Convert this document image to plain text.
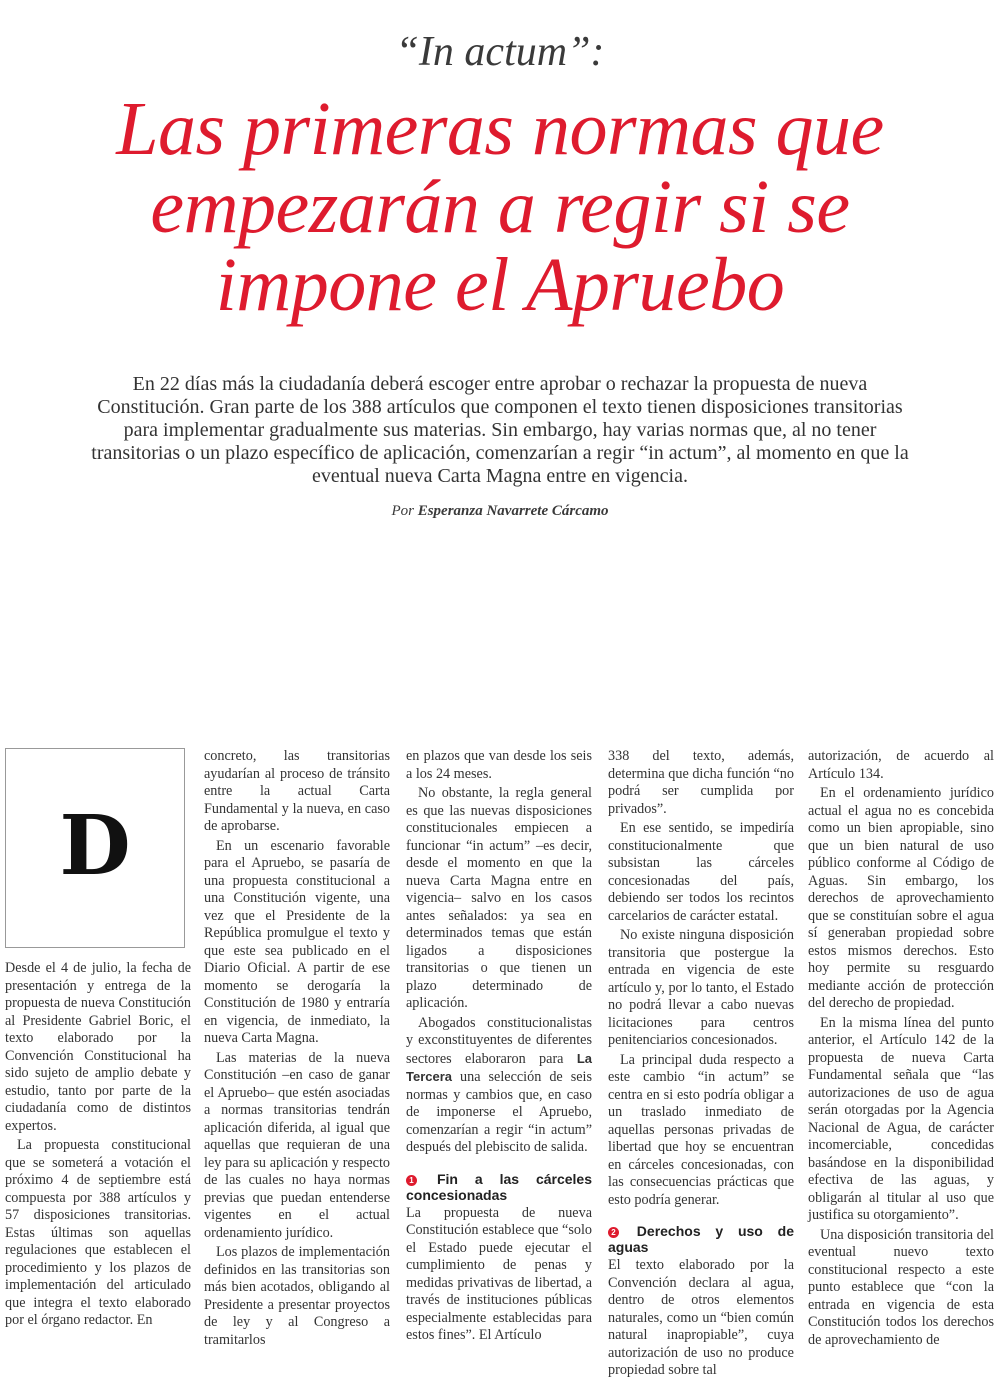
“In actum”:
Las primeras normas que
empezarán a regir si se
impone el Apruebo
En 22 días más la ciudadanía deberá escoger entre aprobar o rechazar la propuesta de nueva
Constitución. Gran parte de los 388 artículos que componen el texto tienen disposiciones transitorias
para implementar gradualmente sus materias. Sin embargo, hay varias normas que, al no tener
transitorias o un plazo específico de aplicación, comenzarían a regir “in actum”, al momento en que la
eventual nueva Carta Magna entre en vigencia.
Por Esperanza Navarrete Cárcamo
D

Desde el 4 de julio, la fecha de presentación y entrega de la propuesta de nueva Constitución al Presidente Gabriel Boric, el texto elaborado por la Convención Constitucional ha sido sujeto de amplio debate y estudio, tanto por parte de la ciudadanía como de distintos expertos.

La propuesta constitucional que se someterá a votación el próximo 4 de septiembre está compuesta por 388 artículos y 57 disposiciones transitorias. Estas últimas son aquellas regulaciones que establecen el procedimiento y los plazos de implementación del articulado que integra el texto elaborado por el órgano redactor. En

concreto, las transitorias ayudarían al proceso de tránsito entre la actual Carta Fundamental y la nueva, en caso de aprobarse.

En un escenario favorable para el Apruebo, se pasaría de una propuesta constitucional a una Constitución vigente, una vez que el Presidente de la República promulgue el texto y que este sea publicado en el Diario Oficial. A partir de ese momento se derogaría la Constitución de 1980 y entraría en vigencia, de inmediato, la nueva Carta Magna.

Las materias de la nueva Constitución –en caso de ganar el Apruebo– que estén asociadas a normas transitorias tendrán aplicación diferida, al igual que aquellas que requieran de una ley para su aplicación y respecto de las cuales no haya normas previas que puedan entenderse vigentes en el actual ordenamiento jurídico.

Los plazos de implementación definidos en las transitorias son más bien acotados, obligando al Presidente a presentar proyectos de ley y al Congreso a tramitarlos

en plazos que van desde los seis a los 24 meses.

No obstante, la regla general es que las nuevas disposiciones constitucionales empiecen a funcionar “in actum” –es decir, desde el momento en que la nueva Carta Magna entre en vigencia– salvo en los casos antes señalados: ya sea en determinados temas que están ligados a disposiciones transitorias o que tienen un plazo determinado de aplicación.

Abogados constitucionalistas y exconstituyentes de diferentes sectores elaboraron para La Tercera una selección de seis normas y cambios que, en caso de imponerse el Apruebo, comenzarían a regir “in actum” después del plebiscito de salida.

1 Fin a las cárceles concesionadas

La propuesta de nueva Constitución establece que “solo el Estado puede ejecutar el cumplimiento de penas y medidas privativas de libertad, a través de instituciones públicas especialmente establecidas para estos fines”. El Artículo

338 del texto, además, determina que dicha función “no podrá ser cumplida por privados”.

En ese sentido, se impediría constitucionalmente que subsistan las cárceles concesionadas del país, debiendo ser todos los recintos carcelarios de carácter estatal.

No existe ninguna disposición transitoria que postergue la entrada en vigencia de este artículo y, por lo tanto, el Estado no podrá llevar a cabo nuevas licitaciones para centros penitenciarios concesionados.

La principal duda respecto a este cambio “in actum” se centra en si esto podría obligar a un traslado inmediato de aquellas personas privadas de libertad que hoy se encuentran en cárceles concesionadas, con las consecuencias prácticas que esto podría generar.

2 Derechos y uso de aguas

El texto elaborado por la Convención declara al agua, dentro de otros elementos naturales, como un “bien común natural inapropiable”, cuya autorización de uso no produce propiedad sobre tal

autorización, de acuerdo al Artículo 134.

En el ordenamiento jurídico actual el agua no es concebida como un bien apropiable, sino que un bien natural de uso público conforme al Código de Aguas. Sin embargo, los derechos de aprovechamiento que se constituían sobre el agua sí generaban propiedad sobre estos mismos derechos. Esto hoy permite su resguardo mediante acción de protección del derecho de propiedad.

En la misma línea del punto anterior, el Artículo 142 de la propuesta de nueva Carta Fundamental señala que “las autorizaciones de uso de agua serán otorgadas por la Agencia Nacional de Agua, de carácter incomerciable, concedidas basándose en la disponibilidad efectiva de las aguas, y obligarán al titular al uso que justifica su otorgamiento”.

Una disposición transitoria del eventual nuevo texto constitucional respecto a este punto establece que “con la entrada en vigencia de esta Constitución todos los derechos de aprovechamiento de
